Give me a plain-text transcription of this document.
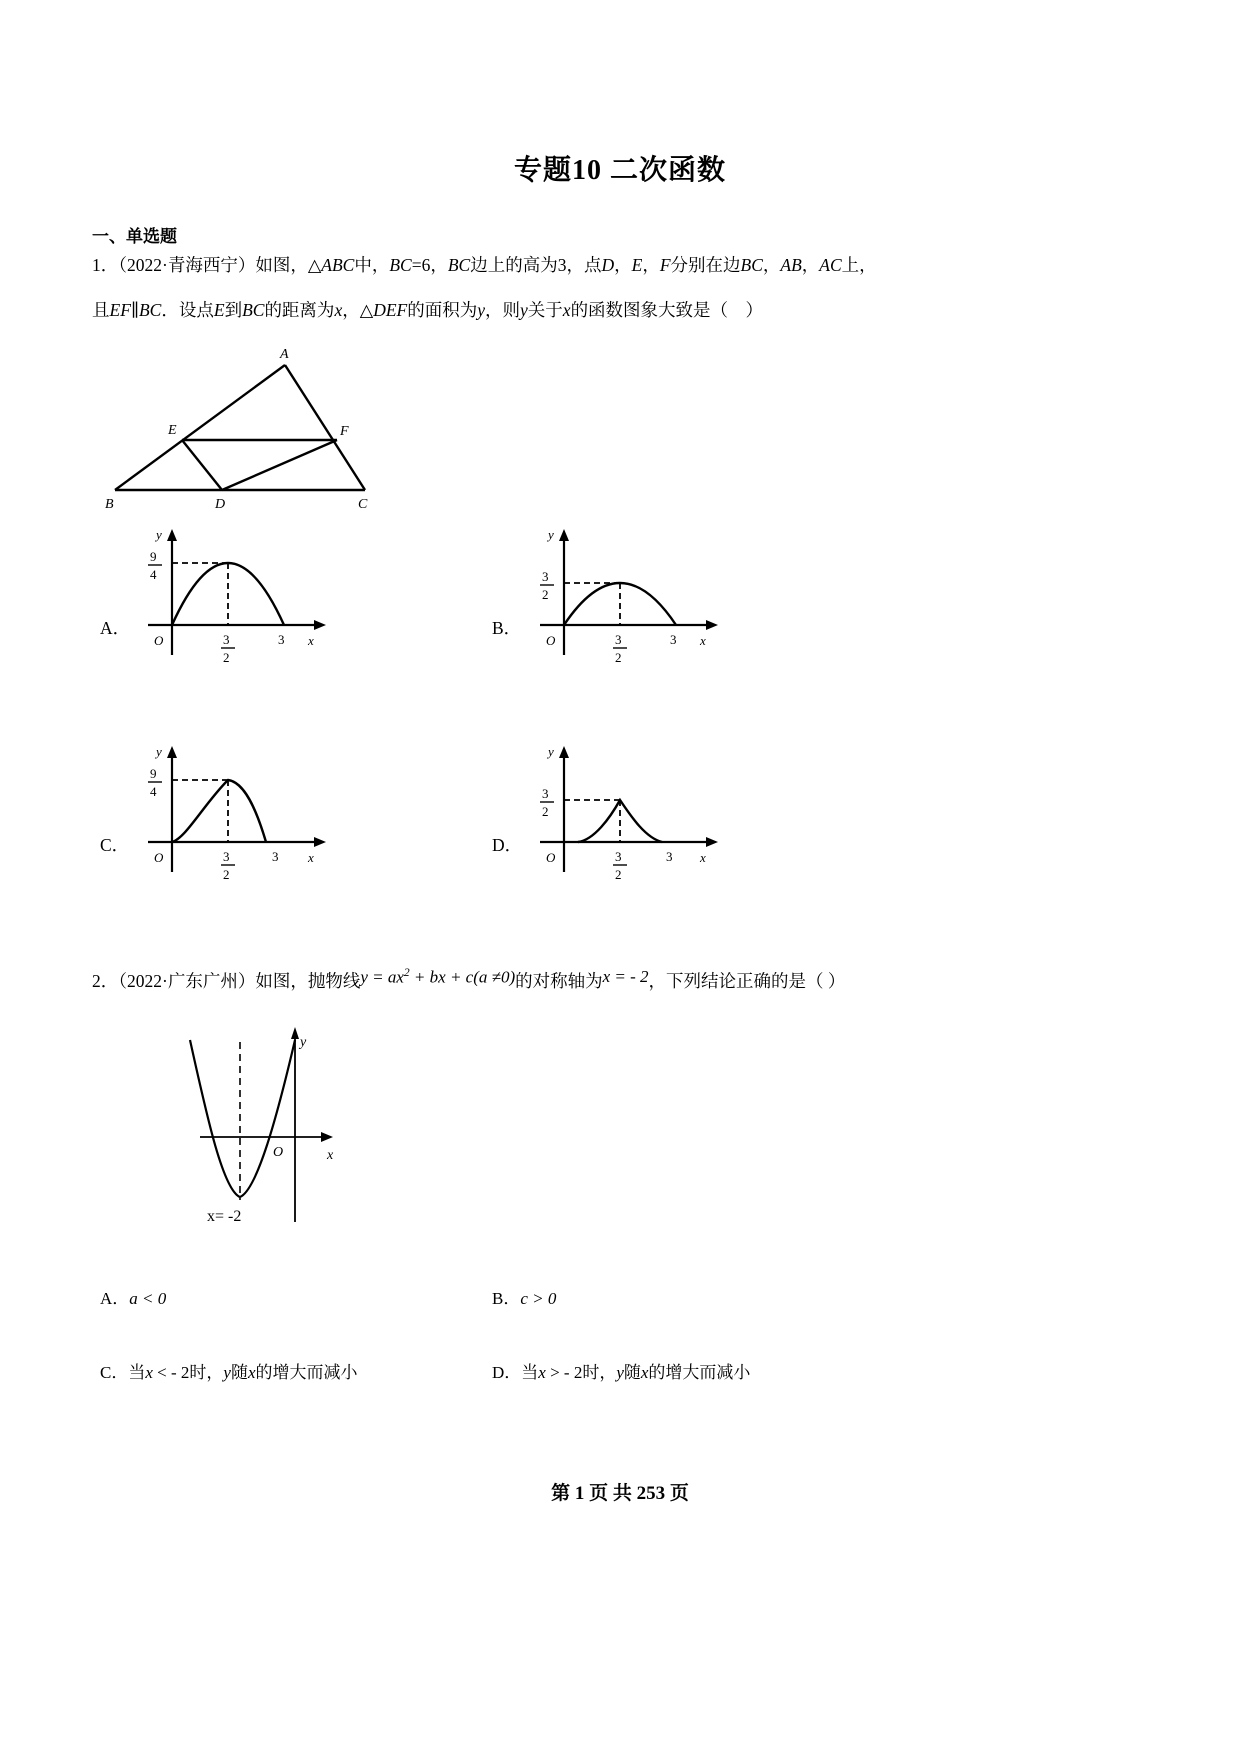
专题10 二次函数
一、单选题
1．（2022·青海西宁）如图，△ABC中，BC=6，BC边上的高为3，点D，E，F分别在边BC，AB，AC上，
且EF∥BC．设点E到BC的距离为x，△DEF的面积为y，则y关于x的函数图象大致是（    ）
A
B	D	C
E	F
A．
O	x
y
3
9
4
3
2
B．
O	x
y
3
3
2
3
2
C．
O	x
y
3
9
4
3
2
D．
O	x
y
3
3
2
3
2
2．（2022·广东广州）如图，抛物线$y = ax^2$ + bx + c(a ≠0)的对称轴为x = - 2，下列结论正确的是（ ）
O	x
y
x= -2
A．a < 0	B．c > 0
C．当x < - 2时，y随x的增大而减小	D．当x > - 2时，y随x的增大而减小
第 1 页 共 253 页
